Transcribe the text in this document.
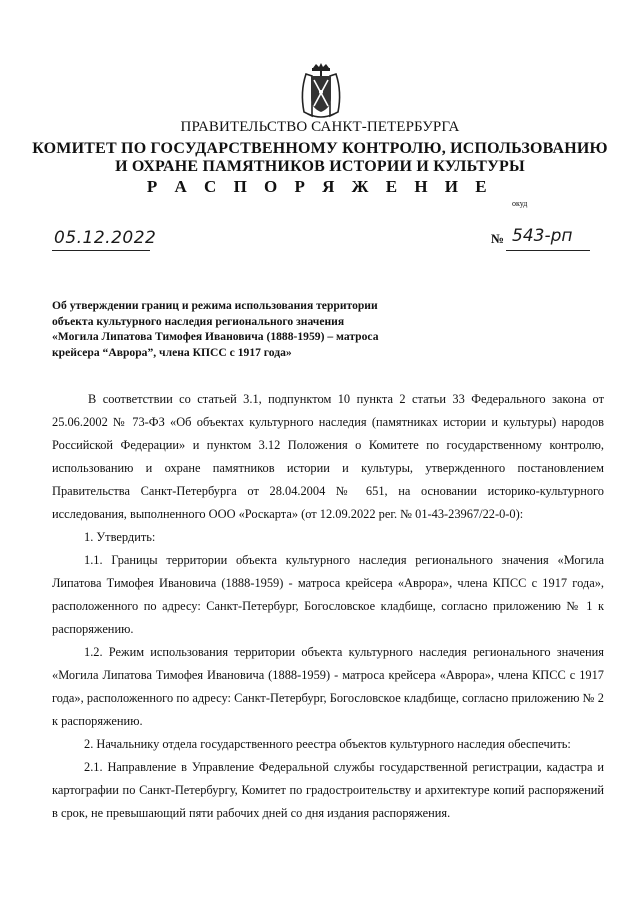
ПРАВИТЕЛЬСТВО САНКТ-ПЕТЕРБУРГА
КОМИТЕТ ПО ГОСУДАРСТВЕННОМУ КОНТРОЛЮ, ИСПОЛЬЗОВАНИЮ
И ОХРАНЕ ПАМЯТНИКОВ ИСТОРИИ И КУЛЬТУРЫ
Р А С П О Р Я Ж Е Н И Е
окуд
05.12.2022	№ 543-рп
Об утверждении границ и режима использования территории
объекта культурного наследия регионального значения
«Могила Липатова Тимофея Ивановича (1888-1959) – матроса
крейсера “Аврора”, члена КПСС с 1917 года»

В соответствии со статьей 3.1, подпунктом 10 пункта 2 статьи 33 Федерального закона от 25.06.2002 № 73-ФЗ «Об объектах культурного наследия (памятниках истории и культуры) народов Российской Федерации» и пунктом 3.12 Положения о Комитете по государственному контролю, использованию и охране памятников истории и культуры, утвержденного постановлением Правительства Санкт-Петербурга от 28.04.2004 № 651, на основании историко-культурного исследования, выполненного ООО «Роскарта» (от 12.09.2022 рег. № 01-43-23967/22-0-0):

1. Утвердить:

1.1. Границы территории объекта культурного наследия регионального значения «Могила Липатова Тимофея Ивановича (1888-1959) - матроса крейсера «Аврора», члена КПСС с 1917 года», расположенного по адресу: Санкт-Петербург, Богословское кладбище, согласно приложению № 1 к распоряжению.

1.2. Режим использования территории объекта культурного наследия регионального значения «Могила Липатова Тимофея Ивановича (1888-1959) - матроса крейсера «Аврора», члена КПСС с 1917 года», расположенного по адресу: Санкт-Петербург, Богословское кладбище, согласно приложению № 2 к распоряжению.

2. Начальнику отдела государственного реестра объектов культурного наследия обеспечить:

2.1. Направление в Управление Федеральной службы государственной регистрации, кадастра и картографии по Санкт-Петербургу, Комитет по градостроительству и архитектуре копий распоряжений в срок, не превышающий пяти рабочих дней со дня издания распоряжения.
